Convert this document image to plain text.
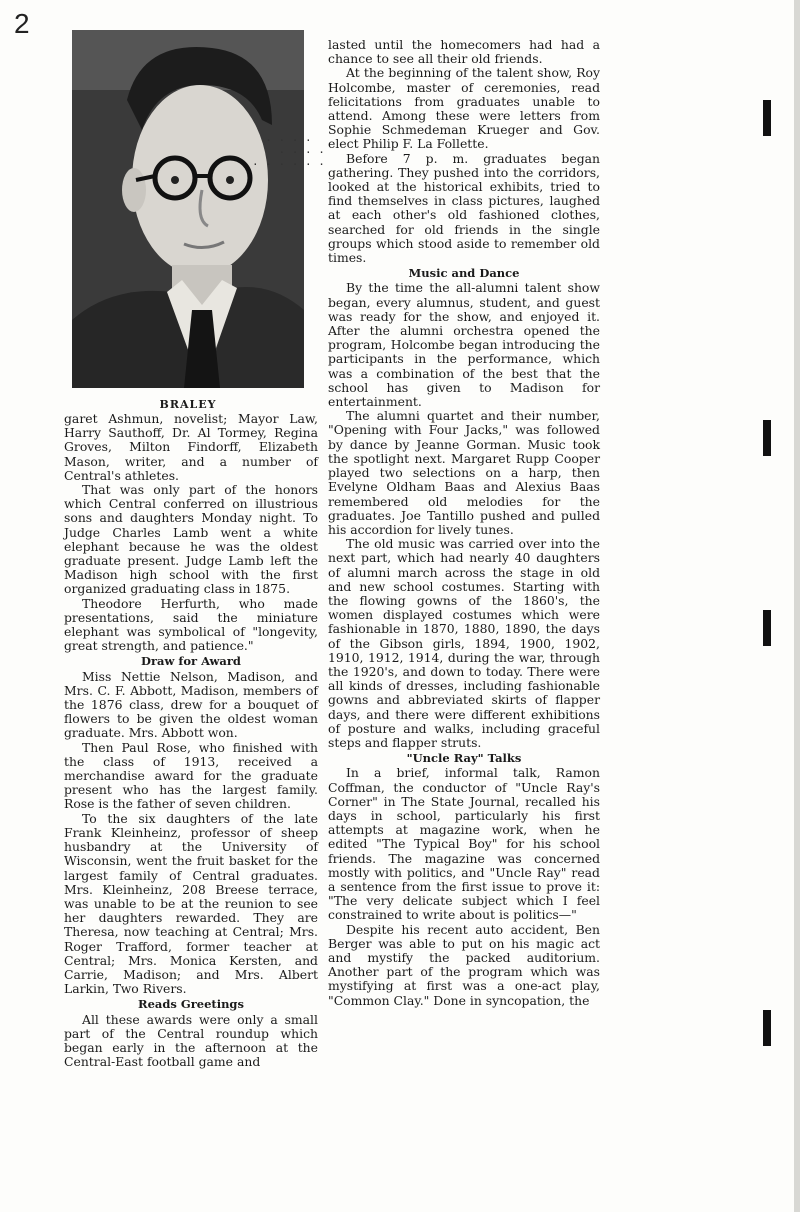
2
BRALEY
. . . .
. . . .
. . . . . .

garet Ashmun, novelist; Mayor Law, Harry Sauthoff, Dr. Al Tormey, Regina Groves, Milton Findorff, Elizabeth Mason, writer, and a number of Central's athletes.

That was only part of the honors which Central conferred on illustrious sons and daughters Monday night. To Judge Charles Lamb went a white elephant because he was the oldest graduate present. Judge Lamb left the Madison high school with the first organized graduating class in 1875.

Theodore Herfurth, who made presentations, said the miniature elephant was symbolical of "longevity, great strength, and patience."

Draw for Award

Miss Nettie Nelson, Madison, and Mrs. C. F. Abbott, Madison, members of the 1876 class, drew for a bouquet of flowers to be given the oldest woman graduate. Mrs. Abbott won.

Then Paul Rose, who finished with the class of 1913, received a merchandise award for the graduate present who has the largest family. Rose is the father of seven children.

To the six daughters of the late Frank Kleinheinz, professor of sheep husbandry at the University of Wisconsin, went the fruit basket for the largest family of Central graduates. Mrs. Kleinheinz, 208 Breese terrace, was unable to be at the reunion to see her daughters rewarded. They are Theresa, now teaching at Central; Mrs. Roger Trafford, former teacher at Central; Mrs. Monica Kersten, and Carrie, Madison; and Mrs. Albert Larkin, Two Rivers.

Reads Greetings

All these awards were only a small part of the Central roundup which began early in the afternoon at the Central-East football game and

lasted until the homecomers had had a chance to see all their old friends.

At the beginning of the talent show, Roy Holcombe, master of ceremonies, read felicitations from graduates unable to attend. Among these were letters from Sophie Schmedeman Krueger and Gov. elect Philip F. La Follette.

Before 7 p. m. graduates began gathering. They pushed into the corridors, looked at the historical exhibits, tried to find themselves in class pictures, laughed at each other's old fashioned clothes, searched for old friends in the single groups which stood aside to remember old times.

Music and Dance

By the time the all-alumni talent show began, every alumnus, student, and guest was ready for the show, and enjoyed it. After the alumni orchestra opened the program, Holcombe began introducing the participants in the performance, which was a combination of the best that the school has given to Madison for entertainment.

The alumni quartet and their number, "Opening with Four Jacks," was followed by dance by Jeanne Gorman. Music took the spotlight next. Margaret Rupp Cooper played two selections on a harp, then Evelyne Oldham Baas and Alexius Baas remembered old melodies for the graduates. Joe Tantillo pushed and pulled his accordion for lively tunes.

The old music was carried over into the next part, which had nearly 40 daughters of alumni march across the stage in old and new school costumes. Starting with the flowing gowns of the 1860's, the women displayed costumes which were fashionable in 1870, 1880, 1890, the days of the Gibson girls, 1894, 1900, 1902, 1910, 1912, 1914, during the war, through the 1920's, and down to today. There were all kinds of dresses, including fashionable gowns and abbreviated skirts of flapper days, and there were different exhibitions of posture and walks, including graceful steps and flapper struts.

"Uncle Ray" Talks

In a brief, informal talk, Ramon Coffman, the conductor of "Uncle Ray's Corner" in The State Journal, recalled his days in school, particularly his first attempts at magazine work, when he edited "The Typical Boy" for his school friends. The magazine was concerned mostly with politics, and "Uncle Ray" read a sentence from the first issue to prove it: "The very delicate subject which I feel constrained to write about is politics—"

Despite his recent auto accident, Ben Berger was able to put on his magic act and mystify the packed auditorium. Another part of the program which was mystifying at first was a one-act play, "Common Clay." Done in syncopation, the
